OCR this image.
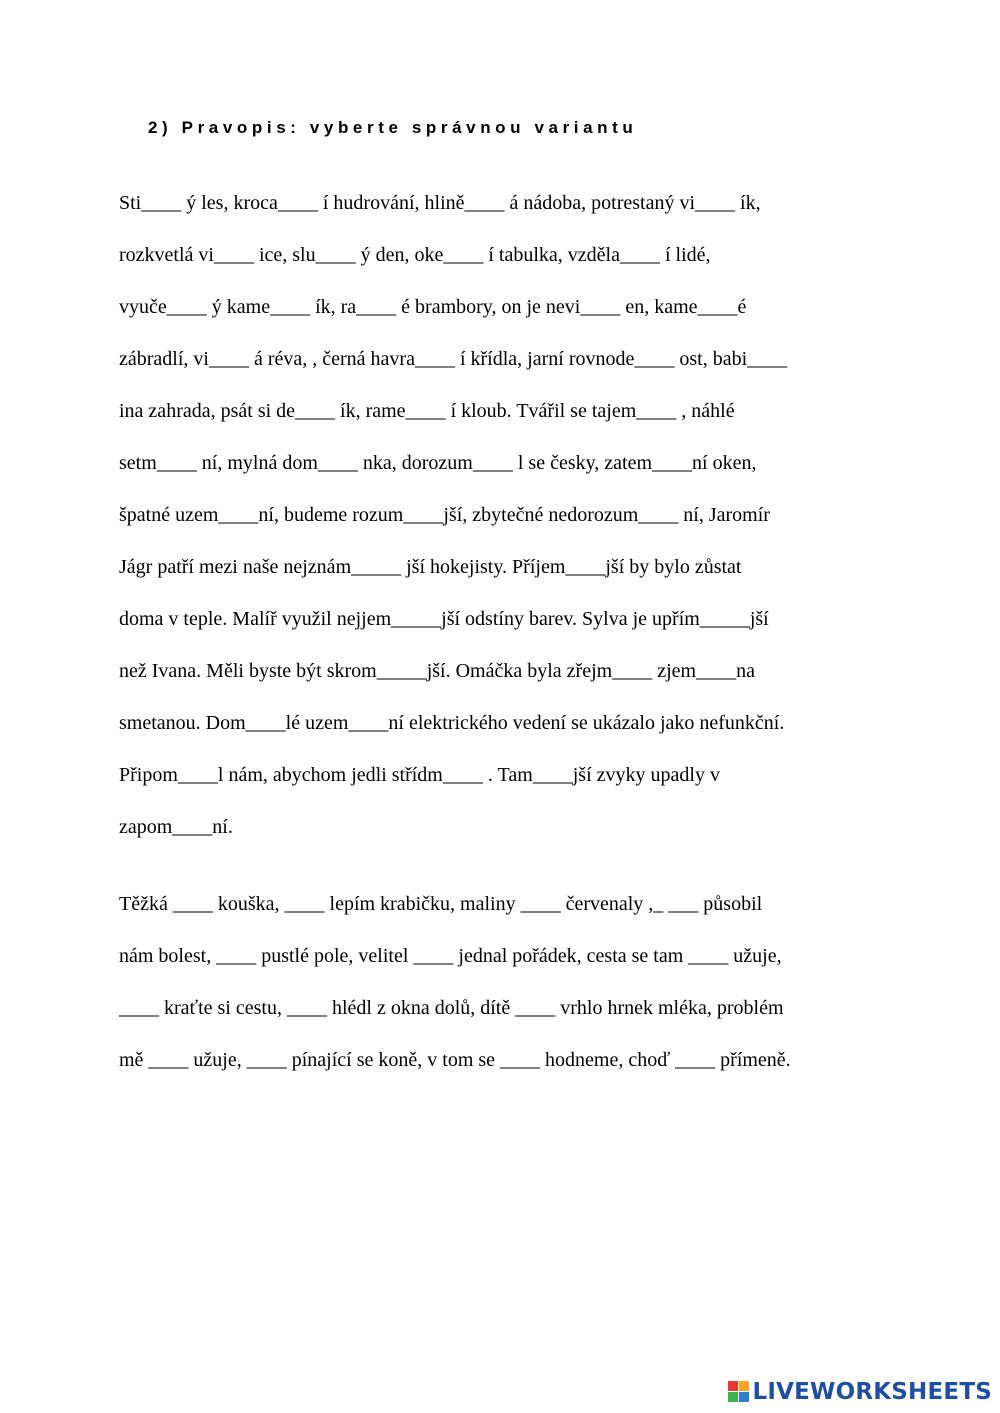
2) Pravopis: vyberte správnou variantu

Sti____ ý les, kroca____ í hudrování, hlině____ á nádoba, potrestaný vi____ ík,

rozkvetlá vi____ ice, slu____ ý den, oke____ í tabulka, vzděla____ í lidé,

vyuče____ ý kame____ ík, ra____ é brambory, on je nevi____ en, kame____é

zábradlí, vi____ á réva, , černá havra____ í křídla, jarní rovnode____ ost, babi____

ina zahrada, psát si de____ ík, rame____ í kloub. Tvářil se tajem____ , náhlé

setm____ ní, mylná dom____ nka, dorozum____ l se česky, zatem____ní oken,

špatné uzem____ní, budeme rozum____jší, zbytečné nedorozum____ ní, Jaromír

Jágr patří mezi naše nejznám_____ jší hokejisty. Příjem____jší by bylo zůstat

doma v teple. Malíř využil nejjem_____jší odstíny barev. Sylva je upřím_____jší

než Ivana. Měli byste být skrom_____jší. Omáčka byla zřejm____ zjem____na

smetanou. Dom____lé uzem____ní elektrického vedení se ukázalo jako nefunkční.

Připom____l nám, abychom jedli střídm____ . Tam____jší zvyky upadly v

zapom____ní.

Těžká ____ kouška, ____ lepím krabičku, maliny ____ červenaly ,_ ___ působil

nám bolest, ____ pustlé pole, velitel ____ jednal pořádek, cesta se tam ____ užuje,

____ kraťte si cestu, ____ hlédl z okna dolů, dítě ____ vrhlo hrnek mléka, problém

mě ____ užuje, ____ pínající se koně, v tom se ____ hodneme, choď ____ přímeně.

LIVEWORKSHEETS
